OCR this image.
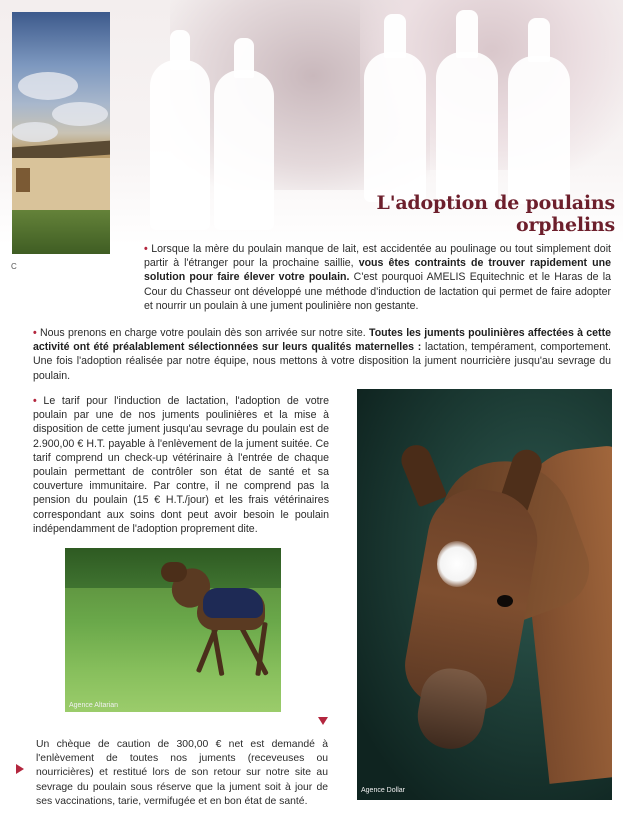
C
L'adoption de poulains orphelins
• Lorsque la mère du poulain manque de lait, est accidentée au poulinage ou tout simplement doit partir à l'étranger pour la prochaine saillie, vous êtes contraints de trouver rapidement une solution pour faire élever votre poulain. C'est pourquoi AMELIS Equitechnic et le Haras de la Cour du Chasseur ont développé une méthode d'induction de lactation qui permet de faire adopter et nourrir un poulain à une jument poulinière non gestante.
• Nous prenons en charge votre poulain dès son arrivée sur notre site. Toutes les juments poulinières affectées à cette activité ont été préalablement sélectionnées sur leurs qualités maternelles : lactation, tempérament, comportement. Une fois l'adoption réalisée par notre équipe, nous mettons à votre disposition la jument nourricière jusqu'au sevrage du poulain.
• Le tarif pour l'induction de lactation, l'adoption de votre poulain par une de nos juments poulinières et la mise à disposition de cette jument jusqu'au sevrage du poulain est de 2.900,00 € H.T. payable à l'enlèvement de la jument suitée. Ce tarif comprend un check-up vétérinaire à l'entrée de chaque poulain permettant de contrôler son état de santé et sa couverture immunitaire. Par contre, il ne comprend pas la pension du poulain (15 € H.T./jour) et les frais vétérinaires correspondant aux soins dont peut avoir besoin le poulain indépendamment de l'adoption proprement dite.
Agence Altarian
Agence Dollar
Un chèque de caution de 300,00 € net est demandé à l'enlèvement de toutes nos juments (receveuses ou nourricières) et restitué lors de son retour sur notre site au sevrage du poulain sous réserve que la jument soit à jour de ses vaccinations, tarie, vermifugée et en bon état de santé.
